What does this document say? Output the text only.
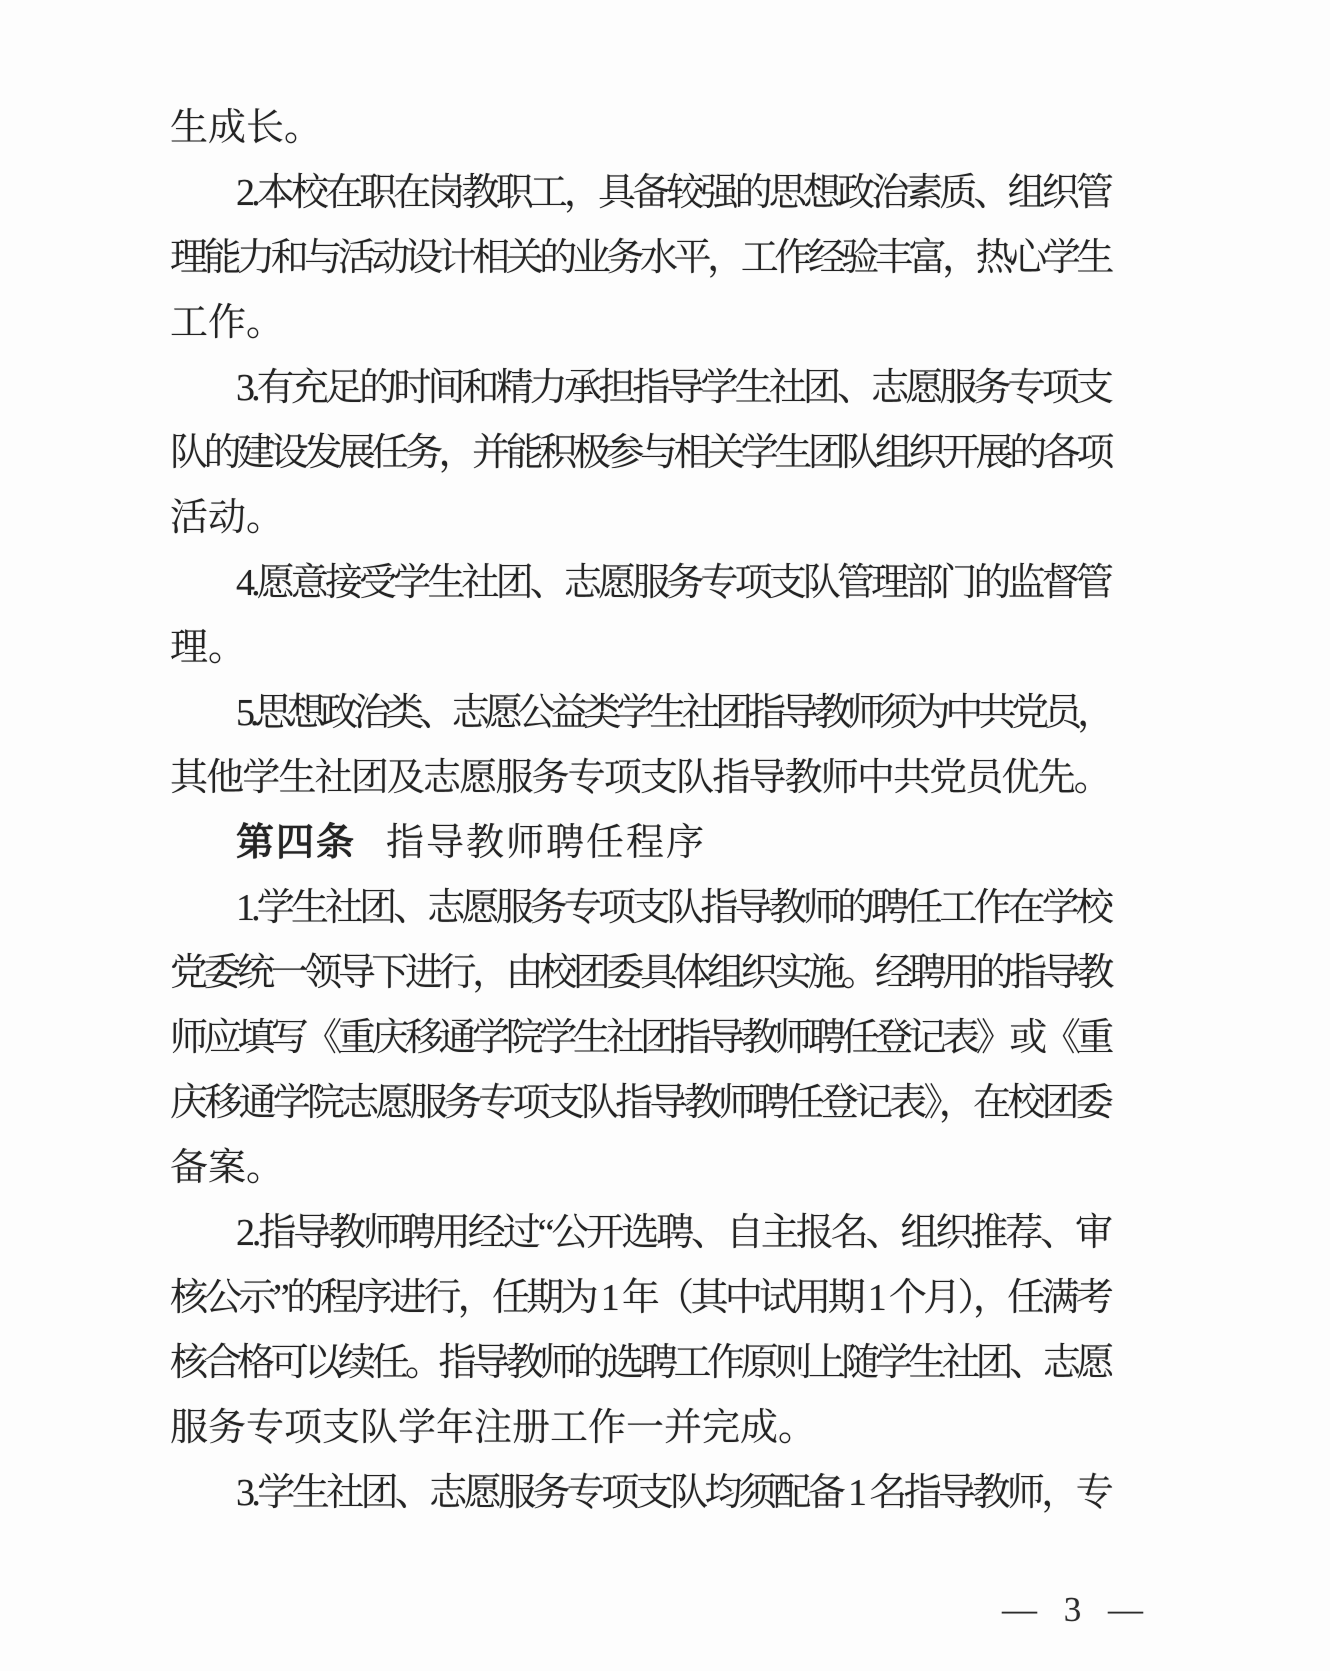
生成长。
2.本校在职在岗教职工，具备较强的思想政治素质、组织管
理能力和与活动设计相关的业务水平，工作经验丰富，热心学生
工作。
3.有充足的时间和精力承担指导学生社团、志愿服务专项支
队的建设发展任务，并能积极参与相关学生团队组织开展的各项
活动。
4.愿意接受学生社团、志愿服务专项支队管理部门的监督管
理。
5.思想政治类、志愿公益类学生社团指导教师须为中共党员，
其他学生社团及志愿服务专项支队指导教师中共党员优先。
第四条 指导教师聘任程序
1.学生社团、志愿服务专项支队指导教师的聘任工作在学校
党委统一领导下进行，由校团委具体组织实施。经聘用的指导教
师应填写《重庆移通学院学生社团指导教师聘任登记表》或《重
庆移通学院志愿服务专项支队指导教师聘任登记表》，在校团委
备案。
2.指导教师聘用经过“公开选聘、自主报名、组织推荐、审
核公示”的程序进行，任期为 1 年（其中试用期 1 个月），任满考
核合格可以续任。指导教师的选聘工作原则上随学生社团、志愿
服务专项支队学年注册工作一并完成。
3.学生社团、志愿服务专项支队均须配备 1 名指导教师，专
— 3 —
